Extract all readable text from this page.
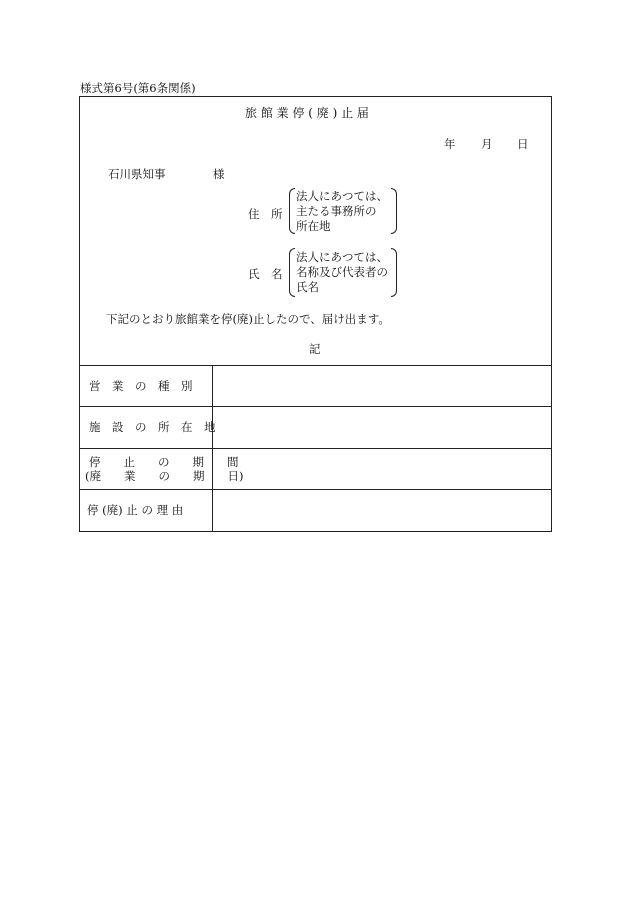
様式第6号(第6条関係)
旅 館 業 停 ( 廃 ) 止 届
年 月 日
石川県知事	様
住　所
法人にあつては、
主たる事務所の
所在地
氏　名
法人にあつては、
名称及び代表者の
氏名
下記のとおり旅館業を停(廃)止したので、届け出ます。
記
営　業　の　種　別
施　設　の　所　在　地
停　　止　　の　　期　　間
(廃　　業　　の　　期　　日)
停 (廃) 止 の 理 由
